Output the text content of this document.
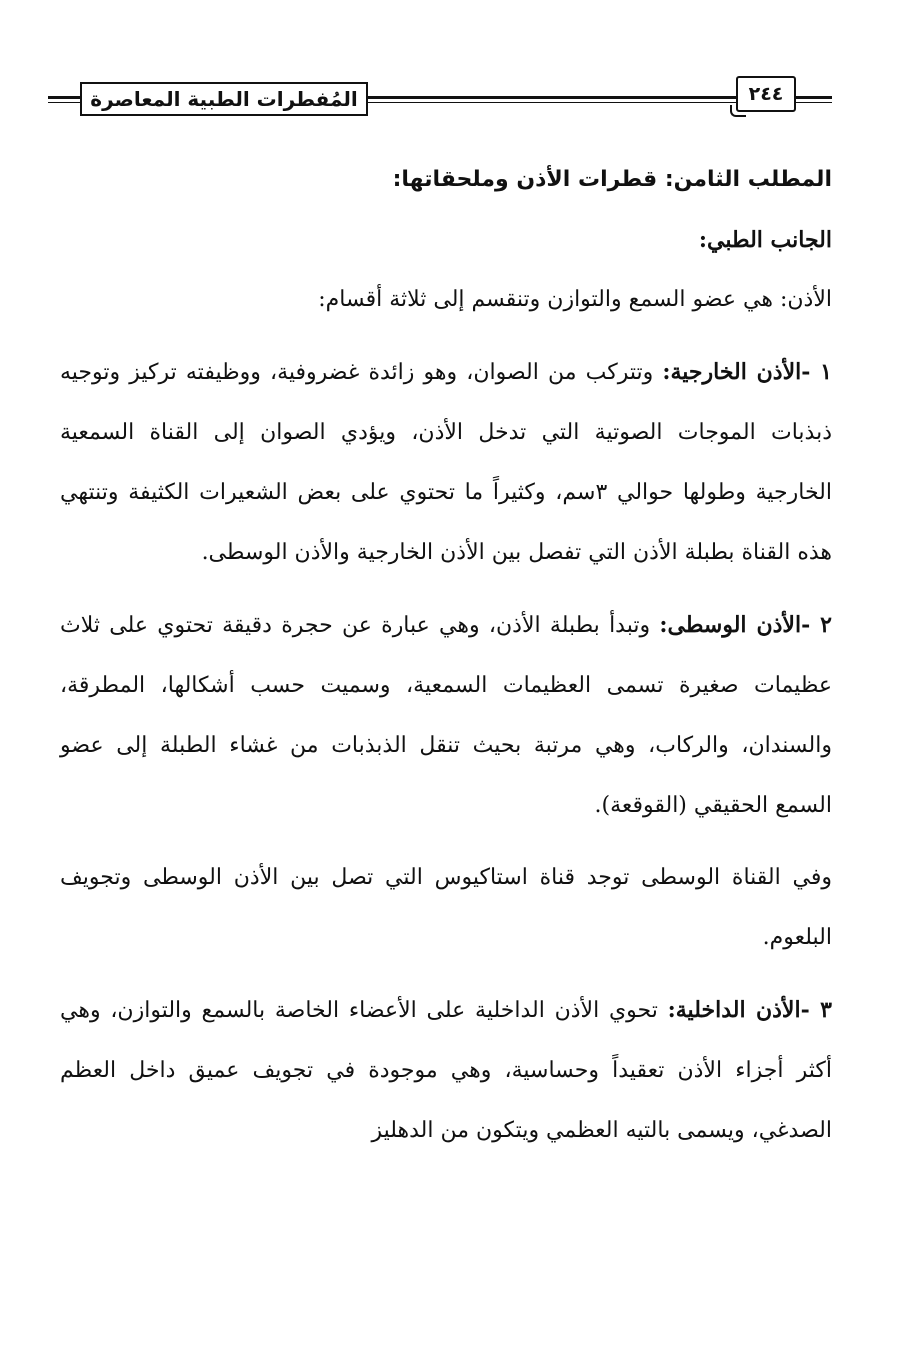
المُفطرات الطبية المعاصرة	٢٤٤

المطلب الثامن: قطرات الأذن وملحقاتها:

الجانب الطبي:

الأذن: هي عضو السمع والتوازن وتنقسم إلى ثلاثة أقسام:

١ -الأذن الخارجية: وتتركب من الصوان، وهو زائدة غضروفية، ووظيفته تركيز وتوجيه ذبذبات الموجات الصوتية التي تدخل الأذن، ويؤدي الصوان إلى القناة السمعية الخارجية وطولها حوالي ٣سم، وكثيراً ما تحتوي على بعض الشعيرات الكثيفة وتنتهي هذه القناة بطبلة الأذن التي تفصل بين الأذن الخارجية والأذن الوسطى.

٢ -الأذن الوسطى: وتبدأ بطبلة الأذن، وهي عبارة عن حجرة دقيقة تحتوي على ثلاث عظيمات صغيرة تسمى العظيمات السمعية، وسميت حسب أشكالها، المطرقة، والسندان، والركاب، وهي مرتبة بحيث تنقل الذبذبات من غشاء الطبلة إلى عضو السمع الحقيقي (القوقعة).

وفي القناة الوسطى توجد قناة استاكيوس التي تصل بين الأذن الوسطى وتجويف البلعوم.

٣ -الأذن الداخلية: تحوي الأذن الداخلية على الأعضاء الخاصة بالسمع والتوازن، وهي أكثر أجزاء الأذن تعقيداً وحساسية، وهي موجودة في تجويف عميق داخل العظم الصدغي، ويسمى بالتيه العظمي ويتكون من الدهليز
